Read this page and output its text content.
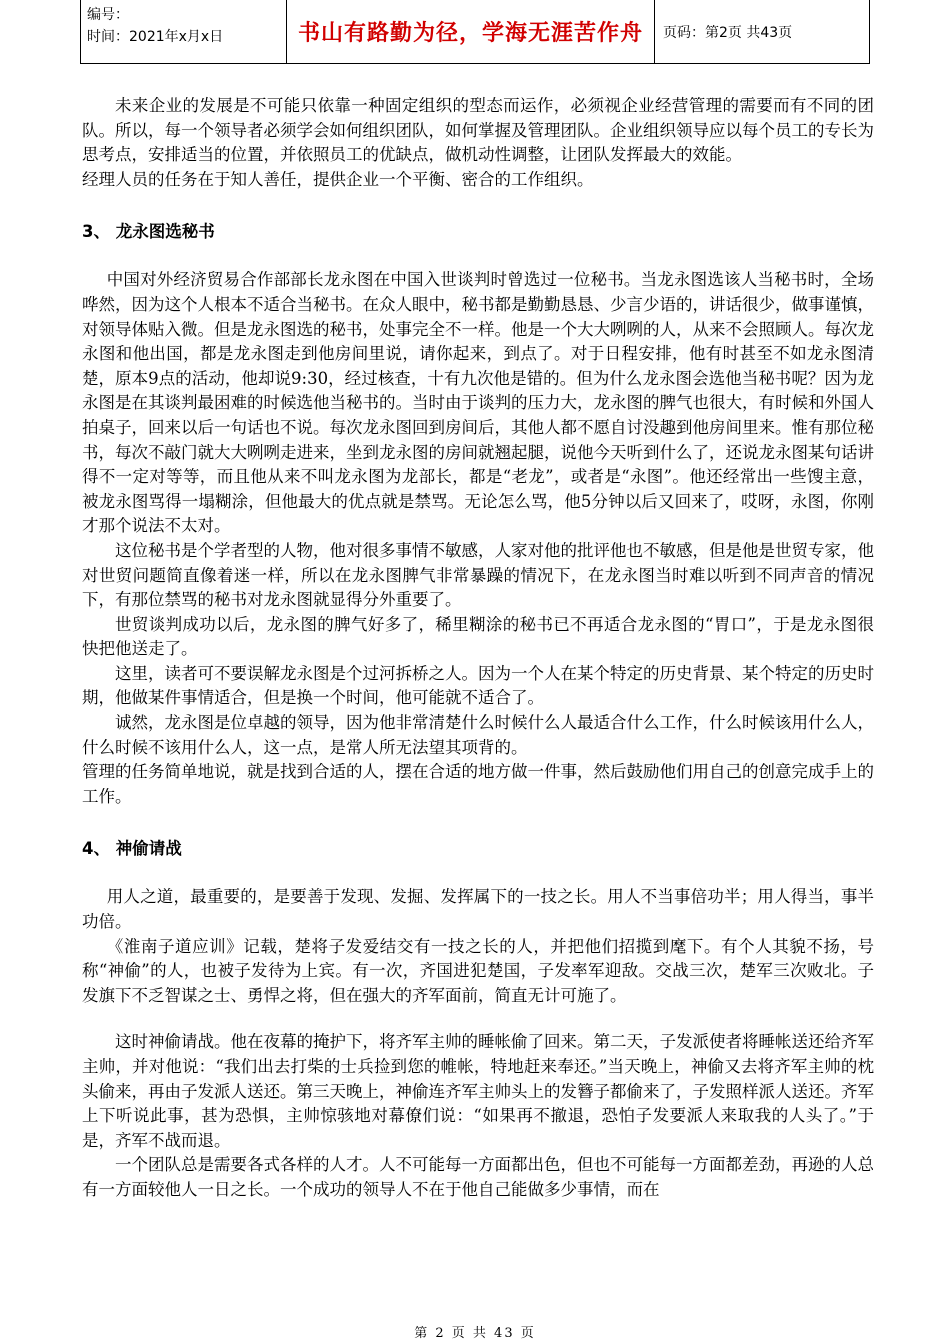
编号：
时间：2021年x月x日	书山有路勤为径，学海无涯苦作舟	页码：第2页 共43页

未来企业的发展是不可能只依靠一种固定组织的型态而运作，必须视企业经营管理的需要而有不同的团队。所以，每一个领导者必须学会如何组织团队，如何掌握及管理团队。企业组织领导应以每个员工的专长为思考点，安排适当的位置，并依照员工的优缺点，做机动性调整，让团队发挥最大的效能。

经理人员的任务在于知人善任，提供企业一个平衡、密合的工作组织。

3、 龙永图选秘书

中国对外经济贸易合作部部长龙永图在中国入世谈判时曾选过一位秘书。当龙永图选该人当秘书时，全场哗然，因为这个人根本不适合当秘书。在众人眼中，秘书都是勤勤恳恳、少言少语的，讲话很少，做事谨慎，对领导体贴入微。但是龙永图选的秘书，处事完全不一样。他是一个大大咧咧的人，从来不会照顾人。每次龙永图和他出国，都是龙永图走到他房间里说，请你起来，到点了。对于日程安排，他有时甚至不如龙永图清楚，原本9点的活动，他却说9:30，经过核查，十有九次他是错的。但为什么龙永图会选他当秘书呢？因为龙永图是在其谈判最困难的时候选他当秘书的。当时由于谈判的压力大，龙永图的脾气也很大，有时候和外国人拍桌子，回来以后一句话也不说。每次龙永图回到房间后，其他人都不愿自讨没趣到他房间里来。惟有那位秘书，每次不敲门就大大咧咧走进来，坐到龙永图的房间就翘起腿，说他今天听到什么了，还说龙永图某句话讲得不一定对等等，而且他从来不叫龙永图为龙部长，都是“老龙”，或者是“永图”。他还经常出一些馊主意，被龙永图骂得一塌糊涂，但他最大的优点就是禁骂。无论怎么骂，他5分钟以后又回来了，哎呀，永图，你刚才那个说法不太对。

这位秘书是个学者型的人物，他对很多事情不敏感，人家对他的批评他也不敏感，但是他是世贸专家，他对世贸问题简直像着迷一样，所以在龙永图脾气非常暴躁的情况下，在龙永图当时难以听到不同声音的情况下，有那位禁骂的秘书对龙永图就显得分外重要了。

世贸谈判成功以后，龙永图的脾气好多了，稀里糊涂的秘书已不再适合龙永图的“胃口”，于是龙永图很快把他送走了。

这里，读者可不要误解龙永图是个过河拆桥之人。因为一个人在某个特定的历史背景、某个特定的历史时期，他做某件事情适合，但是换一个时间，他可能就不适合了。

诚然，龙永图是位卓越的领导，因为他非常清楚什么时候什么人最适合什么工作，什么时候该用什么人，什么时候不该用什么人，这一点，是常人所无法望其项背的。

管理的任务简单地说，就是找到合适的人，摆在合适的地方做一件事，然后鼓励他们用自己的创意完成手上的工作。

4、 神偷请战

用人之道，最重要的，是要善于发现、发掘、发挥属下的一技之长。用人不当事倍功半；用人得当，事半功倍。

《淮南子道应训》记载，楚将子发爱结交有一技之长的人，并把他们招揽到麾下。有个人其貌不扬，号称“神偷”的人，也被子发待为上宾。有一次，齐国进犯楚国，子发率军迎敌。交战三次，楚军三次败北。子发旗下不乏智谋之士、勇悍之将，但在强大的齐军面前，简直无计可施了。

这时神偷请战。他在夜幕的掩护下，将齐军主帅的睡帐偷了回来。第二天，子发派使者将睡帐送还给齐军主帅，并对他说：“我们出去打柴的士兵捡到您的帷帐，特地赶来奉还。”当天晚上，神偷又去将齐军主帅的枕头偷来，再由子发派人送还。第三天晚上，神偷连齐军主帅头上的发簪子都偷来了，子发照样派人送还。齐军上下听说此事，甚为恐惧，主帅惊骇地对幕僚们说：“如果再不撤退，恐怕子发要派人来取我的人头了。”于是，齐军不战而退。

一个团队总是需要各式各样的人才。人不可能每一方面都出色，但也不可能每一方面都差劲，再逊的人总有一方面较他人一日之长。一个成功的领导人不在于他自己能做多少事情，而在

第 2 页 共 43 页
